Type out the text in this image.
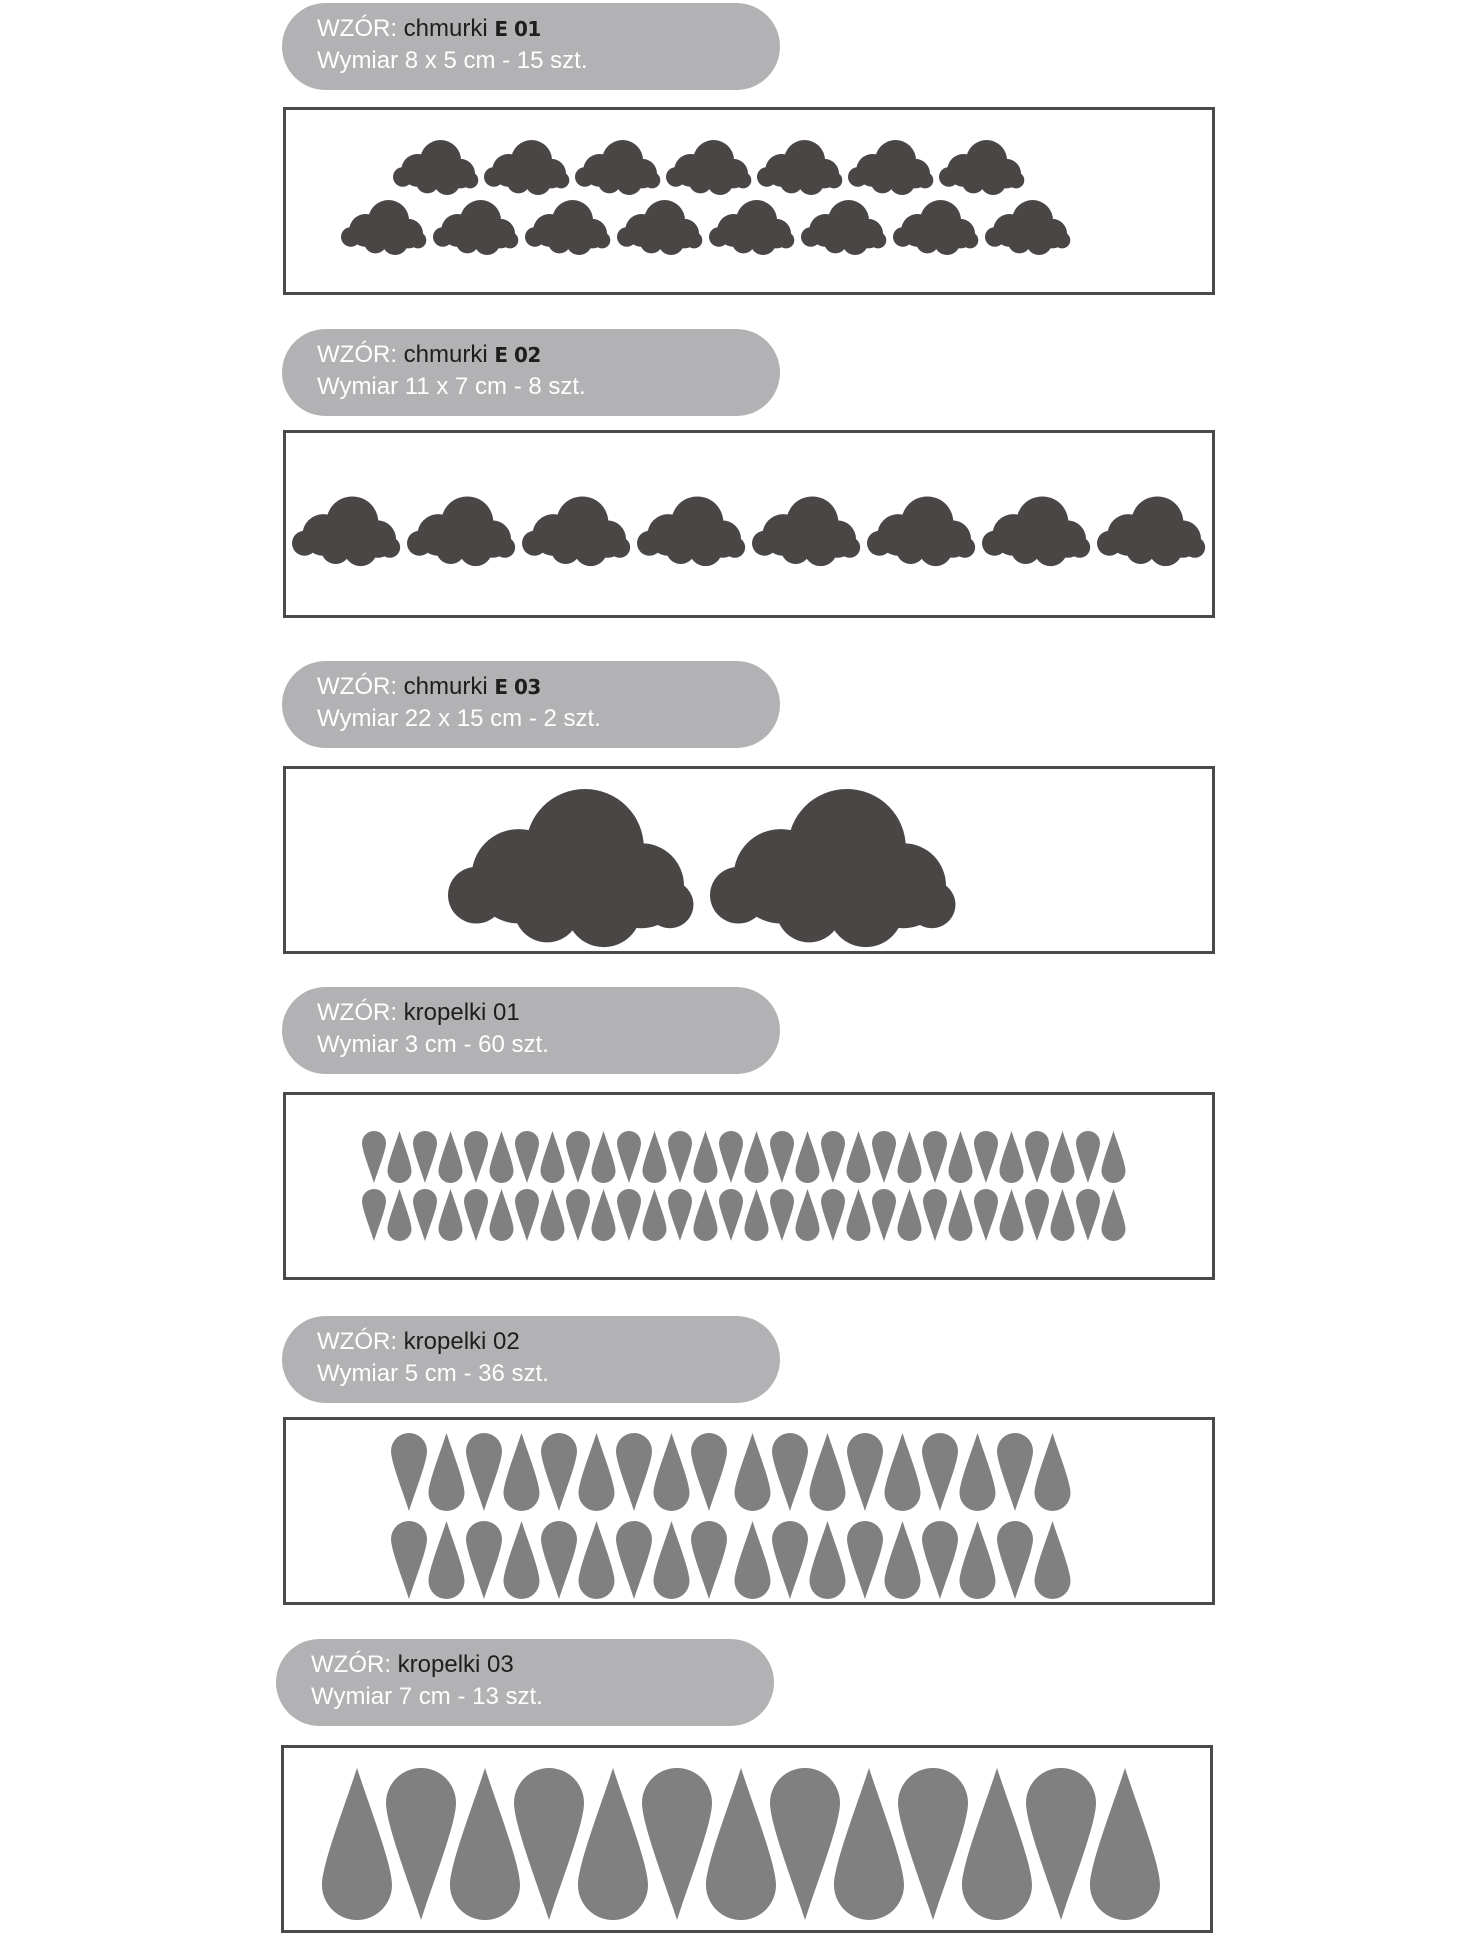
WZÓR: chmurki E 01
Wymiar 8 x 5 cm - 15 szt.
WZÓR: chmurki E 02
Wymiar 11 x 7 cm - 8 szt.
WZÓR: chmurki E 03
Wymiar 22 x 15 cm - 2 szt.
WZÓR: kropelki 01
Wymiar 3 cm - 60 szt.
WZÓR: kropelki 02
Wymiar 5 cm - 36 szt.
WZÓR: kropelki 03
Wymiar 7 cm - 13 szt.
